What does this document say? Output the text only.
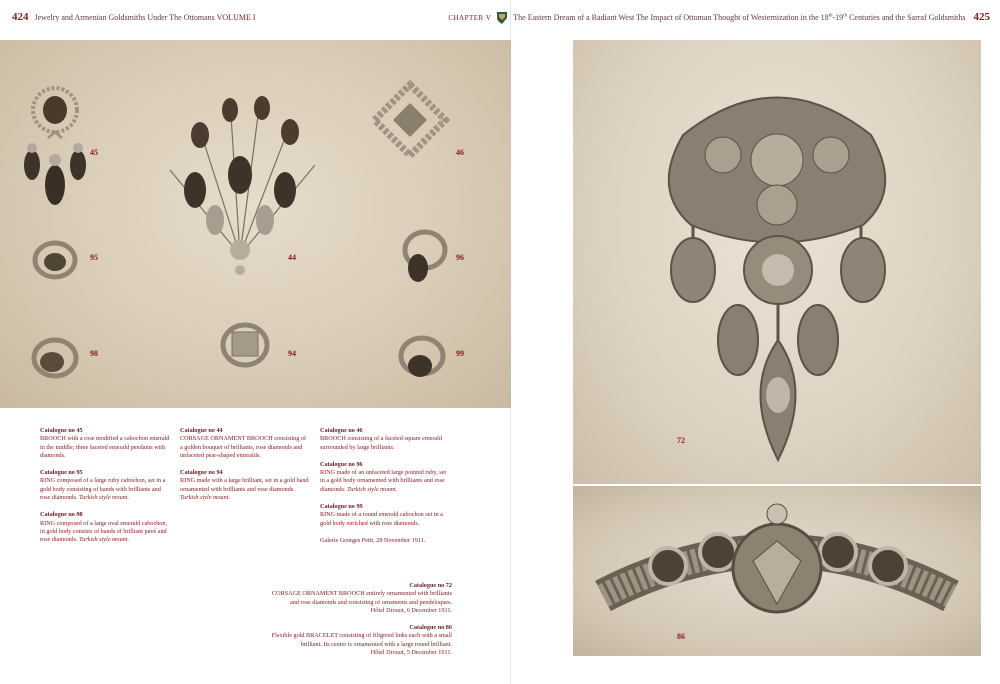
424 Jewelry and Armenian Goldsmiths Under The Ottomans VOLUME I	CHAPTER V	The Eastern Dream of a Radiant West The Impact of Ottoman Thought of Westernization in the 18th-19th Centuries and the Sarraf Goldsmiths 425
45
44
46
95	96
98	94	99
Catalogue no 45
BROOCH with a rose modified a cabochon emerald in the middle; three faceted emerald pendants with diamonds.
Catalogue no 95
RING composed of a large ruby cabochon, set in a gold body consisting of bands with brilliants and rose diamonds. Turkish style mount.
Catalogue no 98
RING composed of a large oval emerald cabochon, in gold body consists of bands of brilliant pavé and rose diamonds. Turkish style mount.
Catalogue no 44
CORSAGE ORNAMENT BROOCH consisting of a golden bouquet of brilliants, rose diamonds and unfaceted pear-shaped emeralds.
Catalogue no 94
RING made with a large brilliant, set in a gold band ornamented with brilliants and rose diamonds. Turkish style mount.
Catalogue no 46
BROOCH consisting of a faceted square emerald surrounded by large brilliants.
Catalogue no 96
RING made of an unfaceted large pointed ruby, set in a gold body ornamented with brilliants and rose diamonds. Turkish style mount.
Catalogue no 99
RING made of a round emerald cabochon set in a gold body enriched with rose diamonds.
Galerie Georges Petit, 28 November 1911.
Catalogue no 72
CORSAGE ORNAMENT BROOCH entirely ornamented with brilliants
and rose diamonds and consisting of ornaments and pendeloques.
Hôtel Drouot, 6 December 1911.
Catalogue no 86
Flexible gold BRACELET consisting of filigreed links each with a small
brilliant. Its center is ornamented with a large round brilliant.
Hôtel Drouot, 5 December 1911.
72
86
